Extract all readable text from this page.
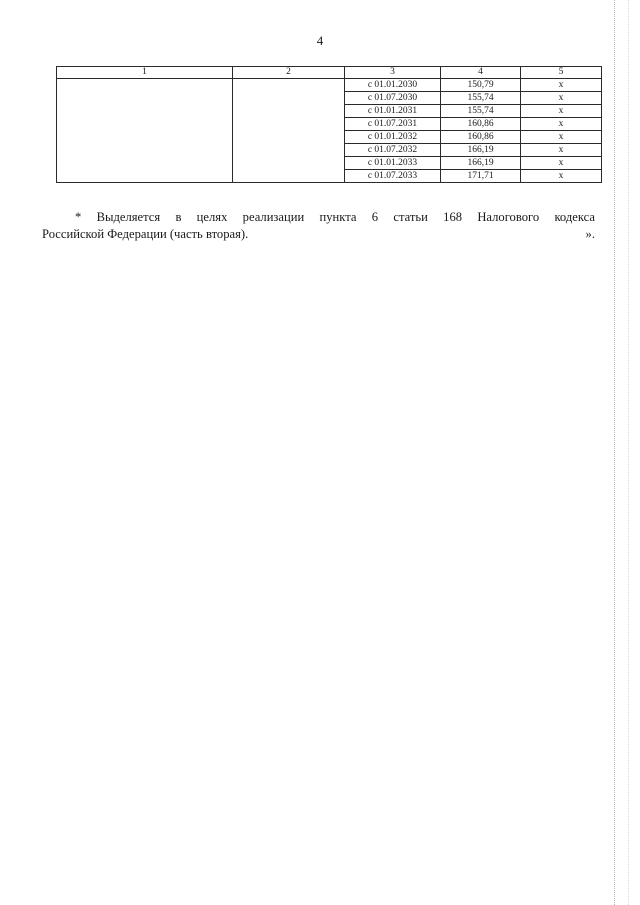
4
1	2	3	4	5
		с 01.01.2030	150,79	х
		с 01.07.2030	155,74	х
		с 01.01.2031	155,74	х
		с 01.07.2031	160,86	х
		с 01.01.2032	160,86	х
		с 01.07.2032	166,19	х
		с 01.01.2033	166,19	х
		с 01.07.2033	171,71	х
* Выделяется в целях реализации пункта 6 статьи 168 Налогового кодекса
Российской Федерации (часть вторая).	».
